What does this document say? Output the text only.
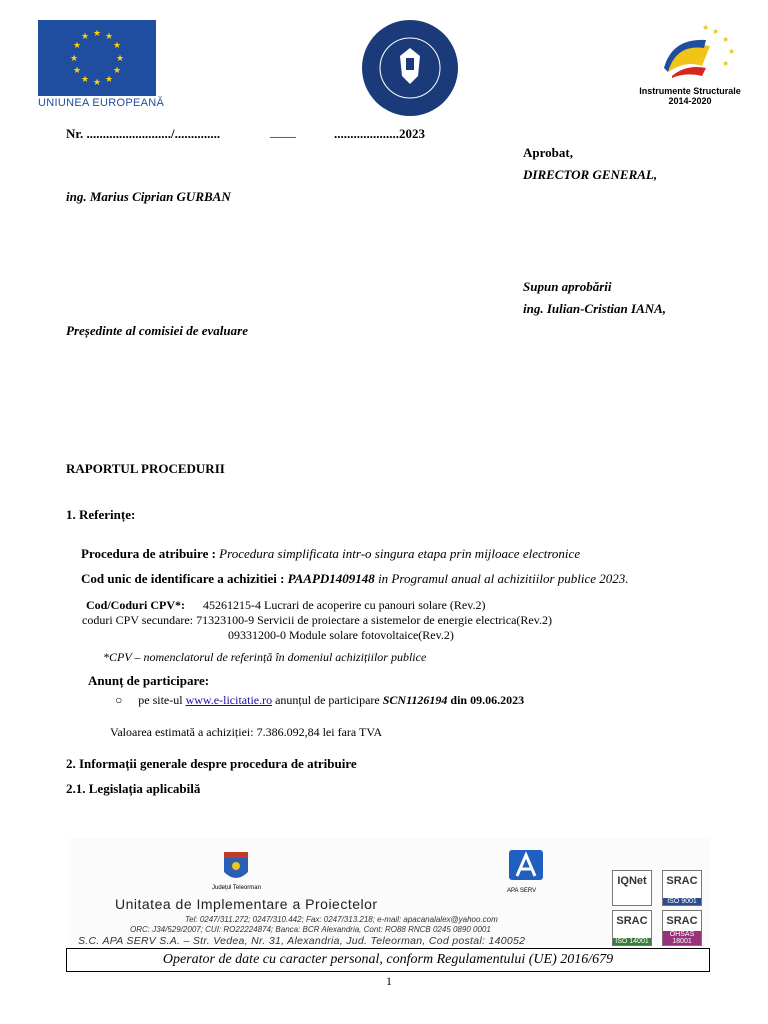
★ ★
★
★
★
★
★
★
★
★
★
★
UNIUNEA EUROPEANĂ
★
★
★
★
★
Instrumente Structurale
2014-2020
Nr. ........................../..............	____	....................2023
Aprobat,
DIRECTOR GENERAL,
ing. Marius Ciprian GURBAN
Supun aprobării
ing. Iulian-Cristian IANA,
Președinte al comisiei de evaluare
RAPORTUL PROCEDURII
1. Referințe:
Procedura de atribuire : Procedura simplificata intr-o singura etapa prin mijloace electronice
Cod unic de identificare a achizitiei : PAAPD1409148 in Programul anual al achizitiilor publice 2023.
Cod/Coduri CPV*: 45261215-4 Lucrari de acoperire cu panouri solare (Rev.2)
coduri CPV secundare: 71323100-9 Servicii de proiectare a sistemelor de energie electrica(Rev.2)
09331200-0 Module solare fotovoltaice(Rev.2)
*CPV – nomenclatorul de referință în domeniul achizițiilor publice
Anunț de participare:
○ pe site-ul www.e-licitatie.ro anunțul de participare SCN1126194 din 09.06.2023
Valoarea estimată a achiziției: 7.386.092,84 lei fara TVA
2. Informații generale despre procedura de atribuire
2.1. Legislația aplicabilă
Județul Teleorman	APA SERV
Unitatea de Implementare a Proiectelor
Tel: 0247/311.272; 0247/310.442; Fax: 0247/313.218; e-mail: apacanalalex@yahoo.com
ORC: J34/529/2007; CUI: RO22224874; Banca: BCR Alexandria, Cont: RO88 RNCB 0245 0890 0001
S.C. APA SERV S.A. – Str. Vedea, Nr. 31, Alexandria, Jud. Teleorman, Cod postal: 140052
IQNet	SRAC
ISO 9001
SRAC
ISO 14001
SRAC
OHSAS 18001
Operator de date cu caracter personal, conform Regulamentului (UE) 2016/679
1
